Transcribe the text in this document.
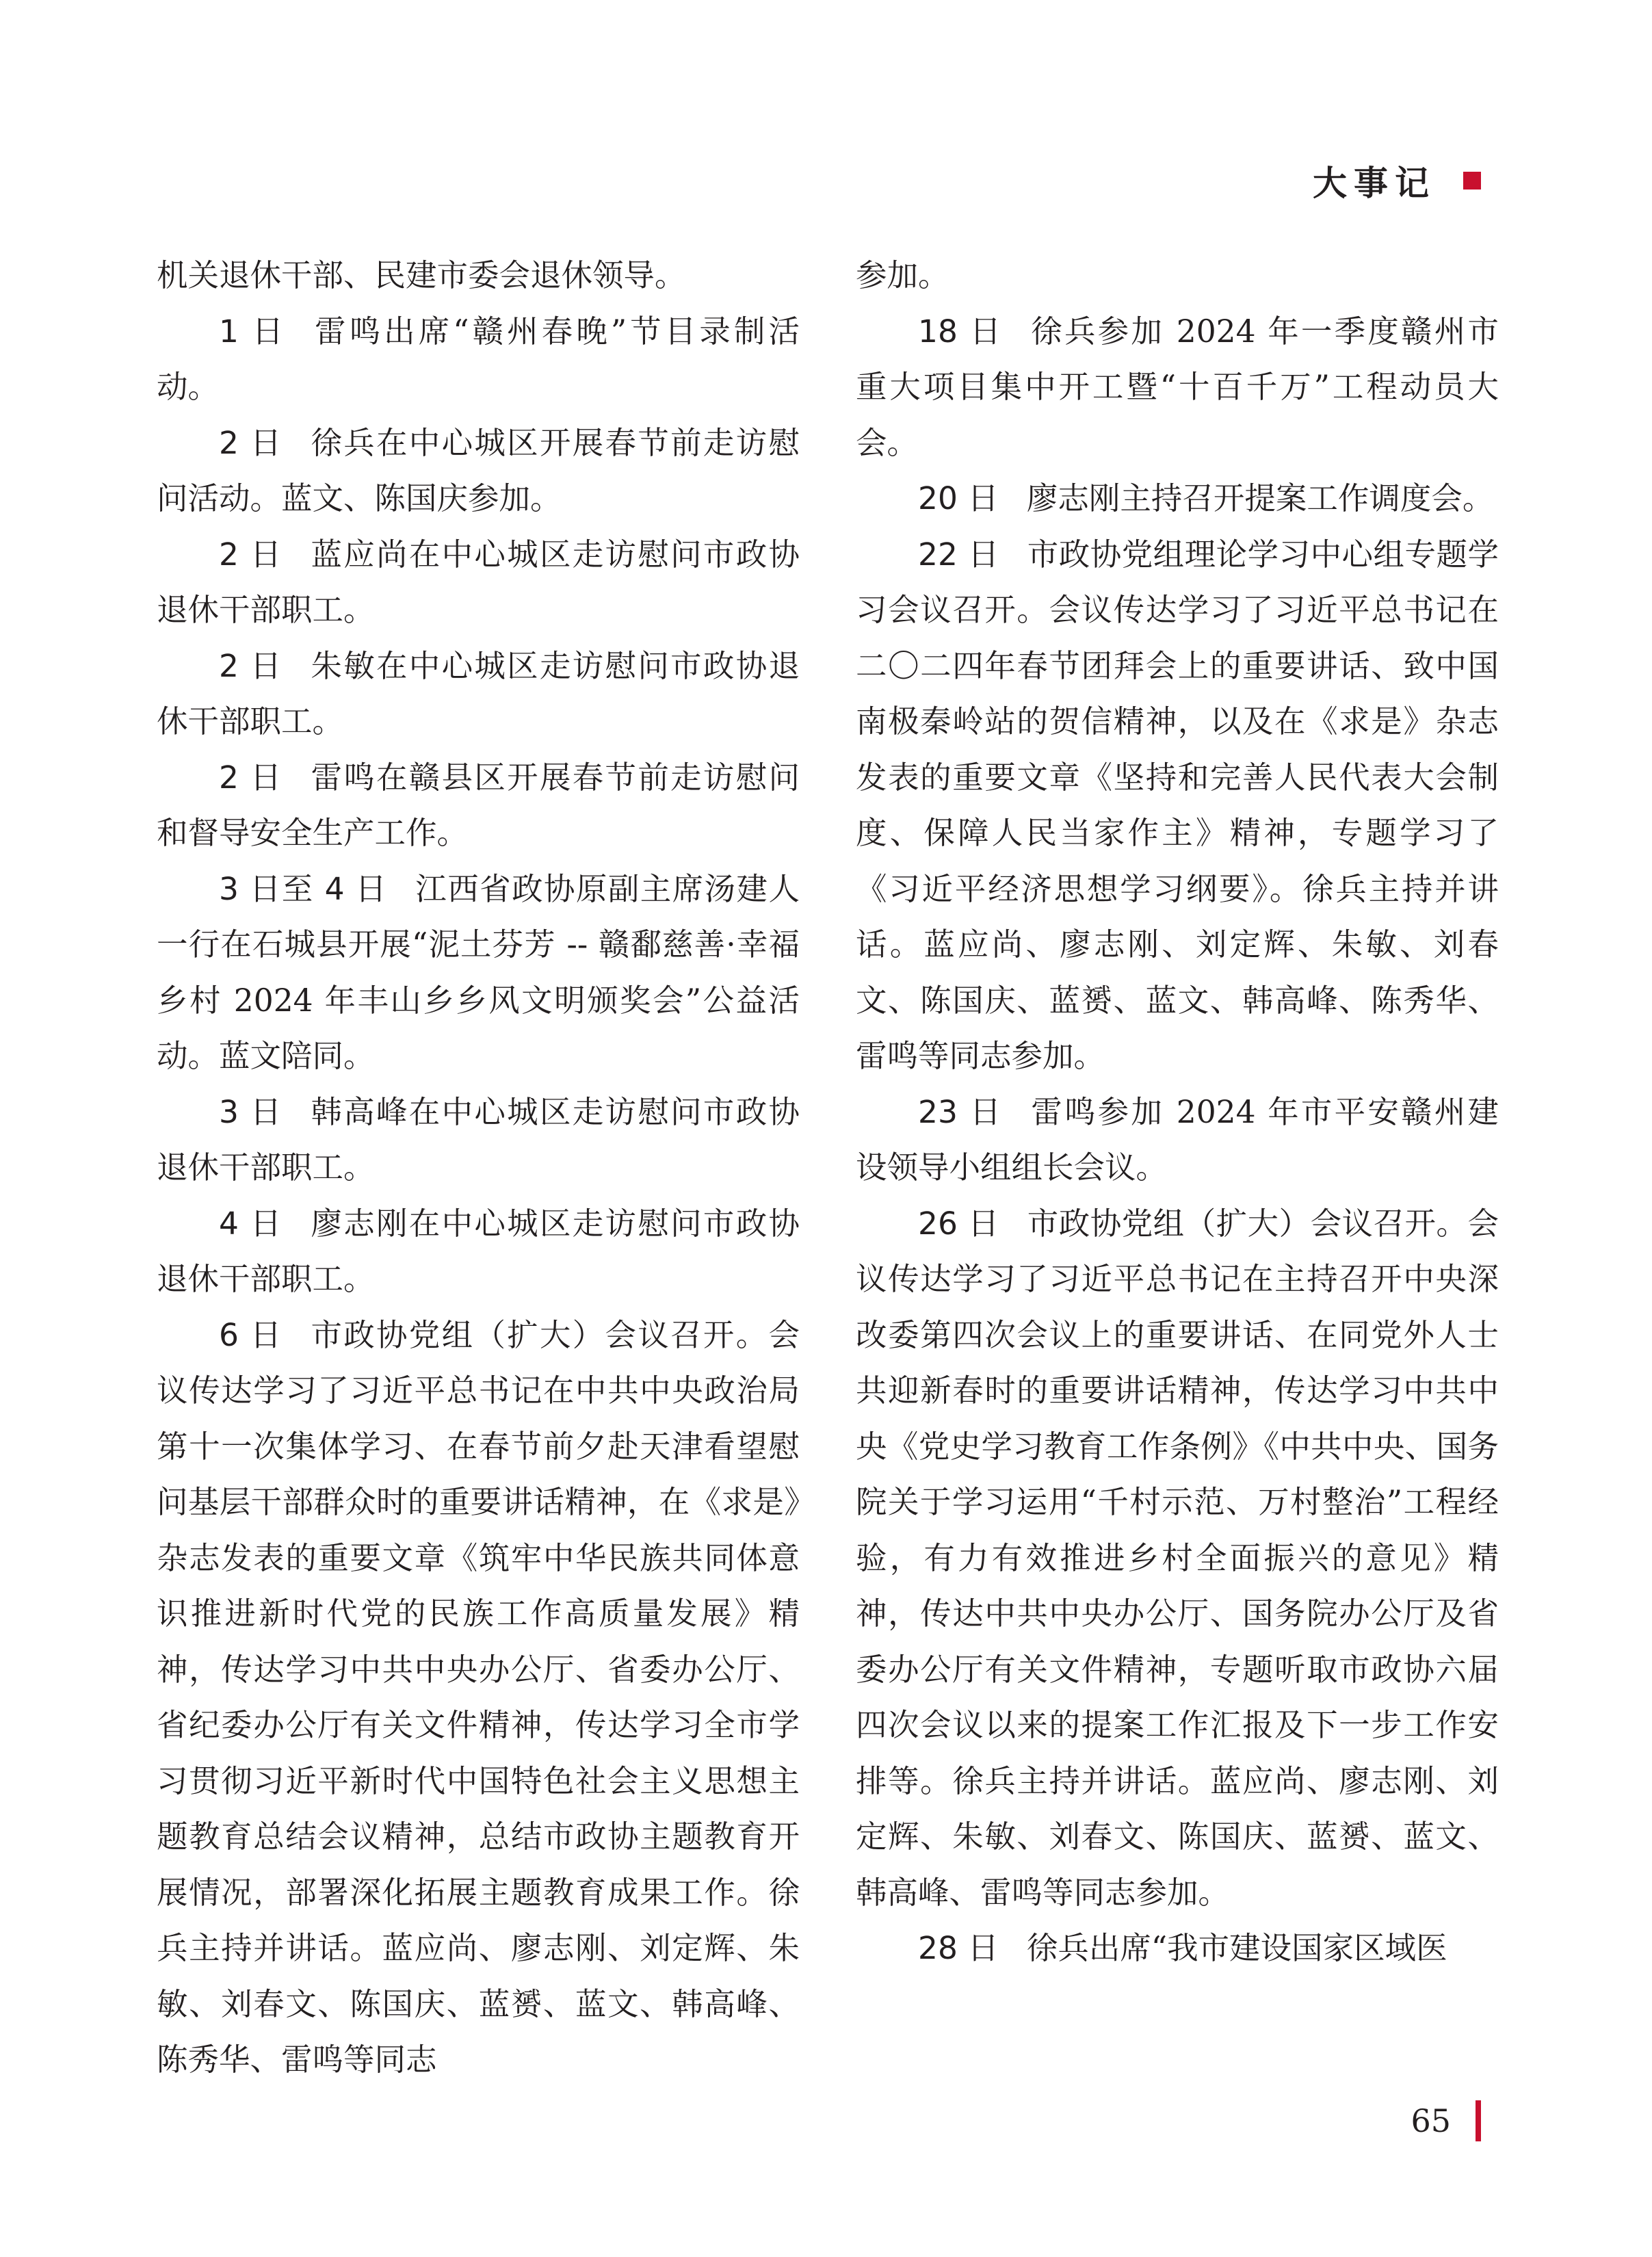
大事记

机关退休干部、民建市委会退休领导。

1 日 雷鸣出席“赣州春晚”节目录制活动。

2 日 徐兵在中心城区开展春节前走访慰问活动。蓝文、陈国庆参加。

2 日 蓝应尚在中心城区走访慰问市政协退休干部职工。

2 日 朱敏在中心城区走访慰问市政协退休干部职工。

2 日 雷鸣在赣县区开展春节前走访慰问和督导安全生产工作。

3 日至 4 日 江西省政协原副主席汤建人一行在石城县开展“泥土芬芳 -- 赣鄱慈善·幸福乡村 2024 年丰山乡乡风文明颁奖会”公益活动。蓝文陪同。

3 日 韩高峰在中心城区走访慰问市政协退休干部职工。

4 日 廖志刚在中心城区走访慰问市政协退休干部职工。

6 日 市政协党组（扩大）会议召开。会议传达学习了习近平总书记在中共中央政治局第十一次集体学习、在春节前夕赴天津看望慰问基层干部群众时的重要讲话精神，在《求是》杂志发表的重要文章《筑牢中华民族共同体意识推进新时代党的民族工作高质量发展》精神，传达学习中共中央办公厅、省委办公厅、省纪委办公厅有关文件精神，传达学习全市学习贯彻习近平新时代中国特色社会主义思想主题教育总结会议精神，总结市政协主题教育开展情况，部署深化拓展主题教育成果工作。徐兵主持并讲话。蓝应尚、廖志刚、刘定辉、朱敏、刘春文、陈国庆、蓝赟、蓝文、韩高峰、陈秀华、雷鸣等同志

参加。

18 日 徐兵参加 2024 年一季度赣州市重大项目集中开工暨“十百千万”工程动员大会。

20 日 廖志刚主持召开提案工作调度会。

22 日 市政协党组理论学习中心组专题学习会议召开。会议传达学习了习近平总书记在二〇二四年春节团拜会上的重要讲话、致中国南极秦岭站的贺信精神，以及在《求是》杂志发表的重要文章《坚持和完善人民代表大会制度、保障人民当家作主》精神，专题学习了《习近平经济思想学习纲要》。徐兵主持并讲话。蓝应尚、廖志刚、刘定辉、朱敏、刘春文、陈国庆、蓝赟、蓝文、韩高峰、陈秀华、雷鸣等同志参加。

23 日 雷鸣参加 2024 年市平安赣州建设领导小组组长会议。

26 日 市政协党组（扩大）会议召开。会议传达学习了习近平总书记在主持召开中央深改委第四次会议上的重要讲话、在同党外人士共迎新春时的重要讲话精神，传达学习中共中央《党史学习教育工作条例》《中共中央、国务院关于学习运用“千村示范、万村整治”工程经验，有力有效推进乡村全面振兴的意见》精神，传达中共中央办公厅、国务院办公厅及省委办公厅有关文件精神，专题听取市政协六届四次会议以来的提案工作汇报及下一步工作安排等。徐兵主持并讲话。蓝应尚、廖志刚、刘定辉、朱敏、刘春文、陈国庆、蓝赟、蓝文、韩高峰、雷鸣等同志参加。

28 日 徐兵出席“我市建设国家区域医

65
